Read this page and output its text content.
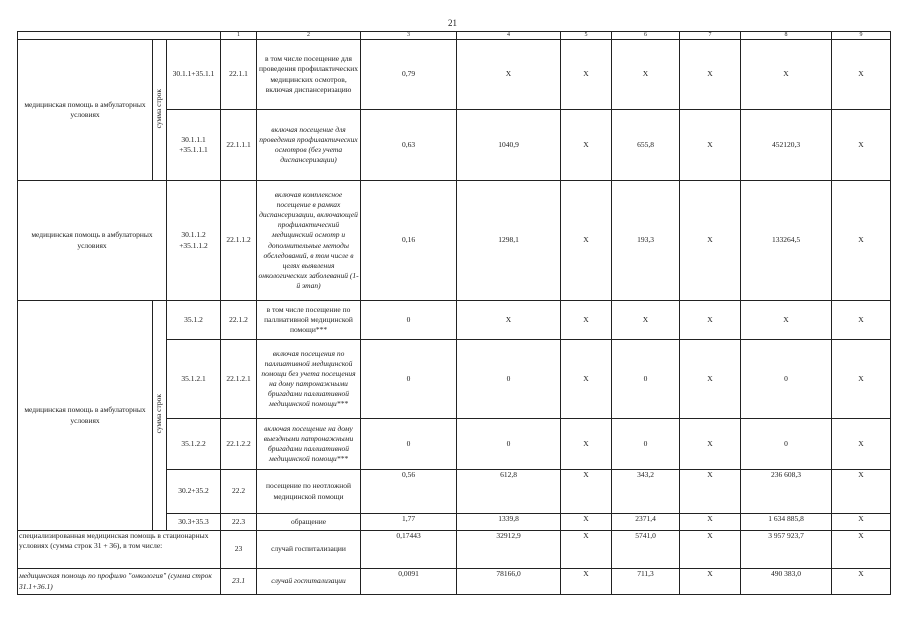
21
			1	2	3	4	5	6	7	8	9
медицинская помощь в амбулаторных условиях	сумма строк	30.1.1+35.1.1	22.1.1	в том числе посещение для проведения профилактических медицинских осмотров, включая диспансеризацию	0,79	X	X	X	X	X	X
		30.1.1.1 +35.1.1.1	22.1.1.1	включая посещение для проведения профилактических осмотров (без учета диспансеризации)	0,63	1040,9	X	655,8	X	452120,3	X
медицинская помощь в амбулаторных условиях		30.1.1.2 +35.1.1.2	22.1.1.2	включая комплексное посещение в рамках диспансеризации, включающей профилактический медицинский осмотр и дополнительные методы обследований, в том числе в целях выявления онкологических заболеваний (1-й этап)	0,16	1298,1	X	193,3	X	133264,5	X
медицинская помощь в амбулаторных условиях	сумма строк	35.1.2	22.1.2	в том числе посещение по паллиативной медицинской помощи***	0	X	X	X	X	X	X
		35.1.2.1	22.1.2.1	включая посещения по паллиативной медицинской помощи без учета посещения на дому патронажными бригадами паллиативной медицинской помощи***	0	0	X	0	X	0	X
		35.1.2.2	22.1.2.2	включая посещение на дому выездными патронажными бригадами паллиативной медицинской помощи***	0	0	X	0	X	0	X
		30.2+35.2	22.2	посещение по неотложной медицинской помощи	0,56	612,8	X	343,2	X	236 608,3	X
		30.3+35.3	22.3	обращение	1,77	1339,8	X	2371,4	X	1 634 885,8	X
специализированная медицинская помощь в стационарных условиях (сумма строк 31 + 36), в том числе:			23	случай госпитализации	0,17443	32912,9	X	5741,0	X	3 957 923,7	X
медицинская помощь по профилю "онкология" (сумма строк 31.1+36.1)			23.1	случай госпитализации	0,0091	78166,0	X	711,3	X	490 383,0	X
